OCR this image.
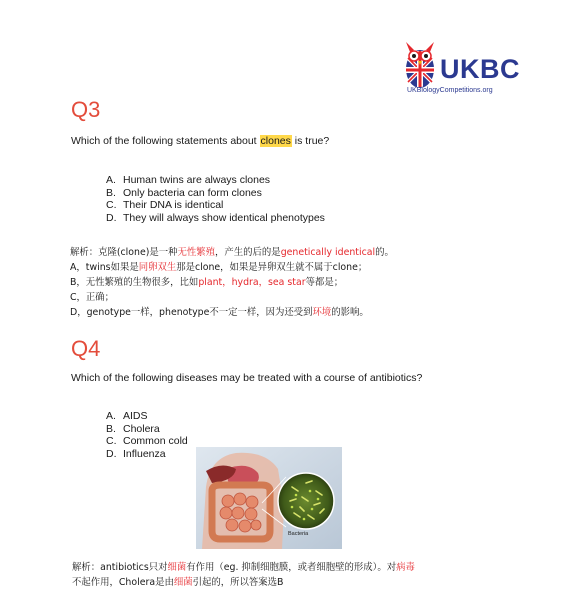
UKBC
UKBiologyCompetitions.org
Q3
Which of the following statements about clones is true?
A. Human twins are always clones
B. Only bacteria can form clones
C. Their DNA is identical
D. They will always show identical phenotypes
解析：克隆(clone)是一种无性繁殖，产生的后的是genetically identical的。
A，twins如果是同卵双生那是clone，如果是异卵双生就不属于clone；
B，无性繁殖的生物很多，比如plant，hydra，sea star等都是；
C，正确；
D，genotype一样，phenotype不一定一样，因为还受到环境的影响。
Q4
Which of the following diseases may be treated with a course of antibiotics?
A. AIDS
B. Cholera
C. Common cold
D. Influenza
Bacteria
解析：antibiotics只对细菌有作用（eg. 抑制细胞膜，或者细胞壁的形成）。对病毒
不起作用，Cholera是由细菌引起的，所以答案选B
